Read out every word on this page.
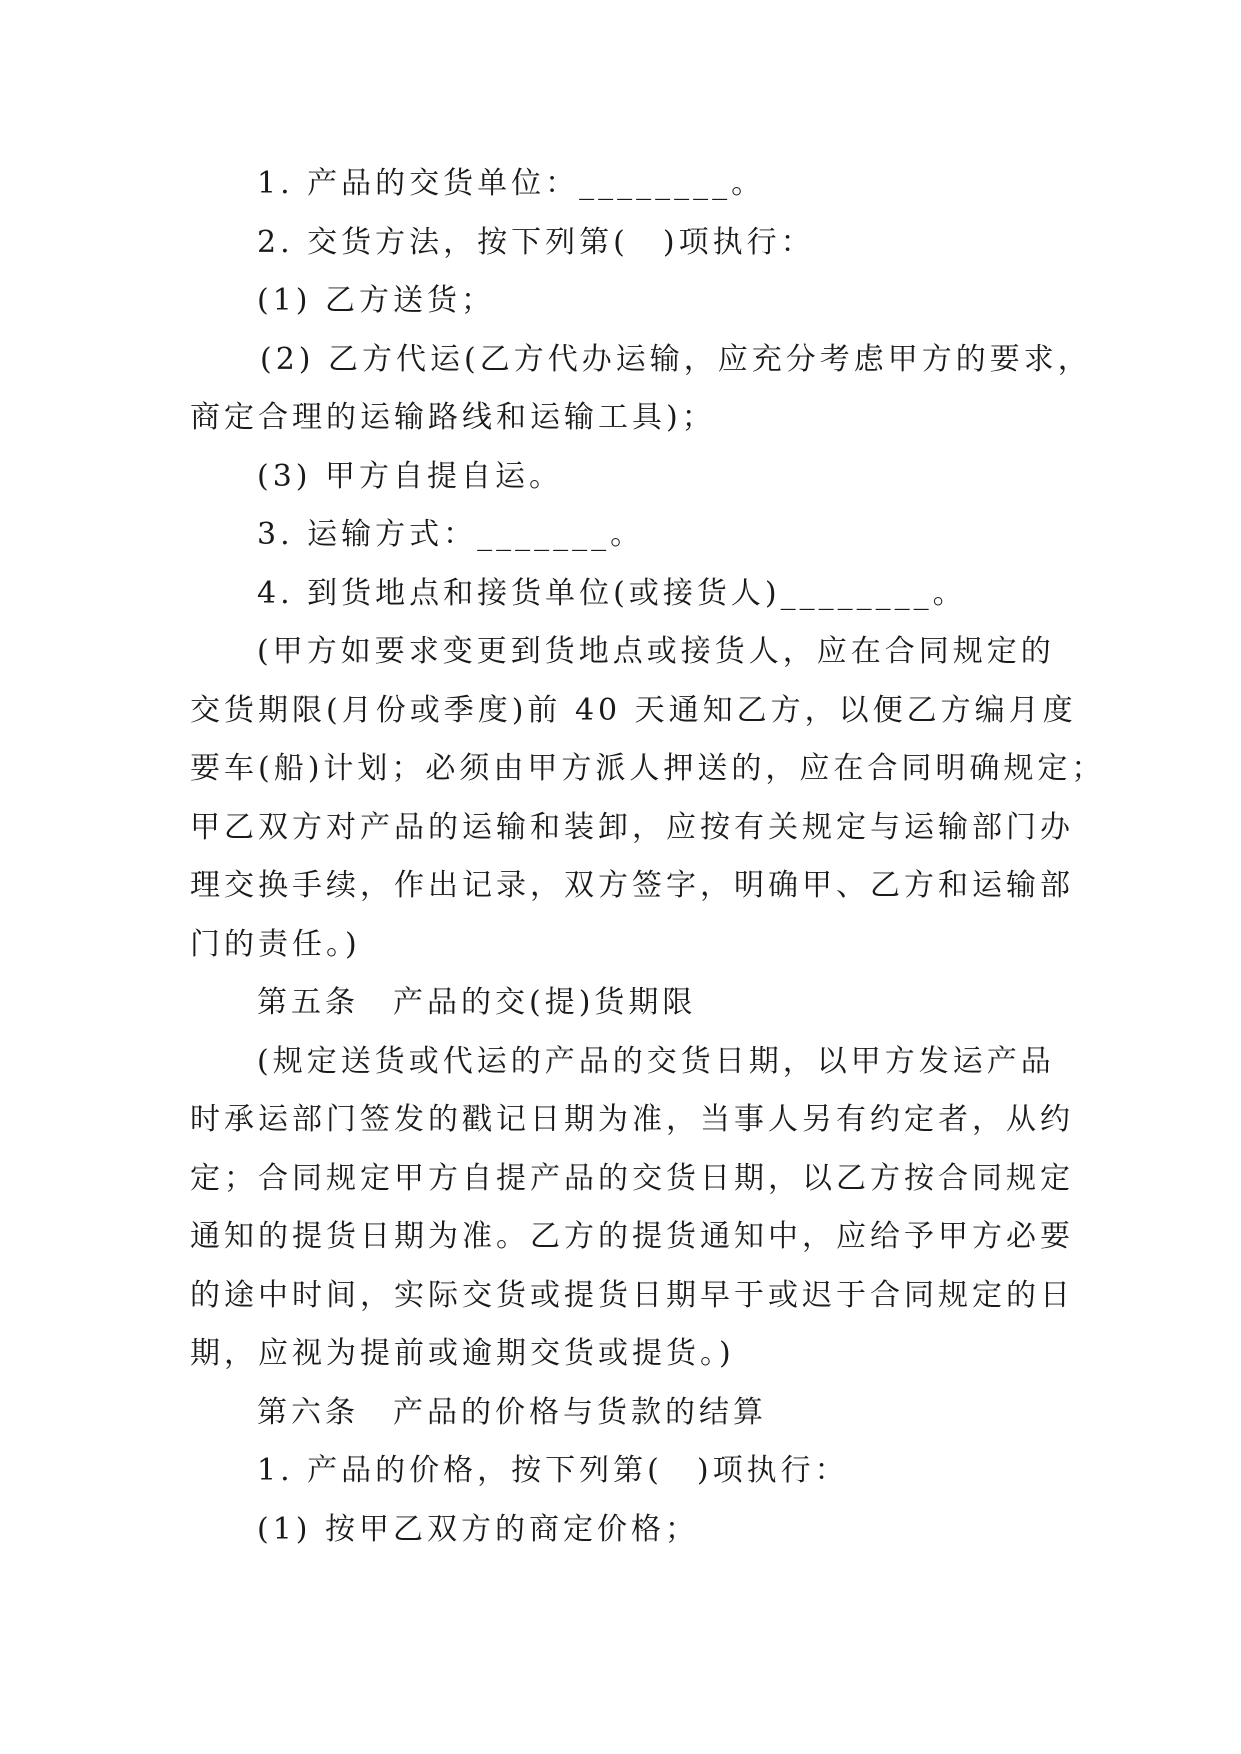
1. 产品的交货单位：________。
2. 交货方法，按下列第(　)项执行：
(1) 乙方送货；
(2) 乙方代运(乙方代办运输，应充分考虑甲方的要求，
商定合理的运输路线和运输工具)；
(3) 甲方自提自运。
3. 运输方式：_______。
4. 到货地点和接货单位(或接货人)________。
(甲方如要求变更到货地点或接货人，应在合同规定的
交货期限(月份或季度)前 40 天通知乙方，以便乙方编月度
要车(船)计划；必须由甲方派人押送的，应在合同明确规定；
甲乙双方对产品的运输和装卸，应按有关规定与运输部门办
理交换手续，作出记录，双方签字，明确甲、乙方和运输部
门的责任。)
第五条　产品的交(提)货期限
(规定送货或代运的产品的交货日期，以甲方发运产品
时承运部门签发的戳记日期为准，当事人另有约定者，从约
定；合同规定甲方自提产品的交货日期，以乙方按合同规定
通知的提货日期为准。乙方的提货通知中，应给予甲方必要
的途中时间，实际交货或提货日期早于或迟于合同规定的日
期，应视为提前或逾期交货或提货。)
第六条　产品的价格与货款的结算
1. 产品的价格，按下列第(　)项执行：
(1) 按甲乙双方的商定价格；
